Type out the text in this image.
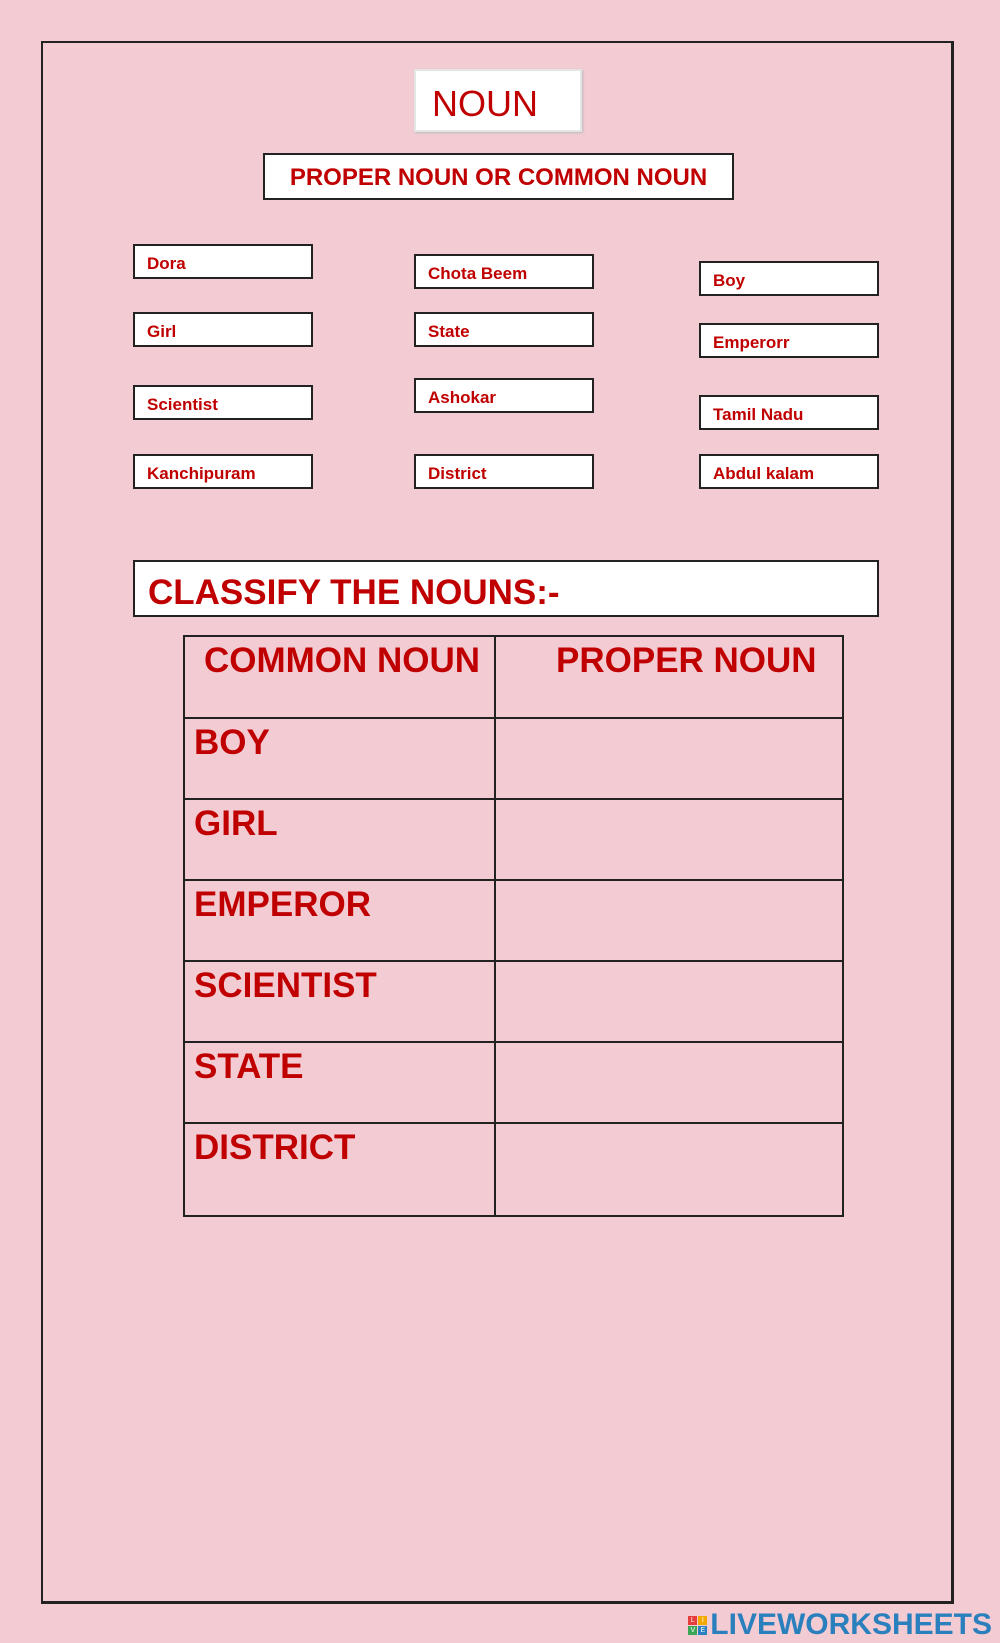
NOUN
PROPER NOUN OR COMMON NOUN
Dora
Chota Beem	Boy
Girl	State
Emperorr
Scientist	Ashokar
Tamil Nadu
Kanchipuram	District	Abdul kalam
CLASSIFY THE NOUNS:-
COMMON NOUN	PROPER NOUN
BOY	
GIRL	
EMPEROR	
SCIENTIST	
STATE	
DISTRICT	
L	I
V E LIVEWORKSHEETS
